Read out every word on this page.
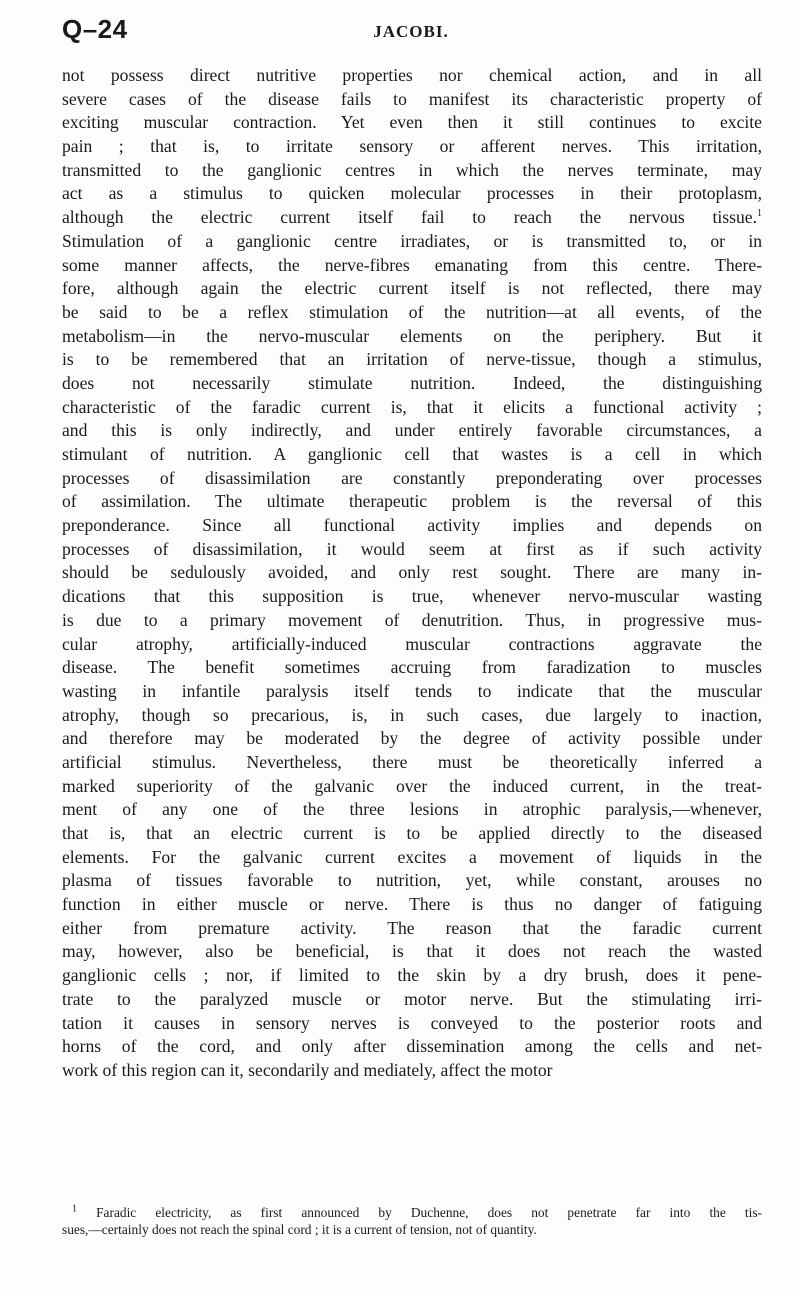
Q–24	JACOBI.
not possess direct nutritive properties nor chemical action, and in all
severe cases of the disease fails to manifest its characteristic property of
exciting muscular contraction. Yet even then it still continues to excite
pain ; that is, to irritate sensory or afferent nerves. This irritation,
transmitted to the ganglionic centres in which the nerves terminate, may
act as a stimulus to quicken molecular processes in their protoplasm,
although the electric current itself fail to reach the nervous tissue.$^1$
Stimulation of a ganglionic centre irradiates, or is transmitted to, or in
some manner affects, the nerve-fibres emanating from this centre. There-
fore, although again the electric current itself is not reflected, there may
be said to be a reflex stimulation of the nutrition—at all events, of the
metabolism—in the nervo-muscular elements on the periphery. But it
is to be remembered that an irritation of nerve-tissue, though a stimulus,
does not necessarily stimulate nutrition. Indeed, the distinguishing
characteristic of the faradic current is, that it elicits a functional activity ;
and this is only indirectly, and under entirely favorable circumstances, a
stimulant of nutrition. A ganglionic cell that wastes is a cell in which
processes of disassimilation are constantly preponderating over processes
of assimilation. The ultimate therapeutic problem is the reversal of this
preponderance. Since all functional activity implies and depends on
processes of disassimilation, it would seem at first as if such activity
should be sedulously avoided, and only rest sought. There are many in-
dications that this supposition is true, whenever nervo-muscular wasting
is due to a primary movement of denutrition. Thus, in progressive mus-
cular atrophy, artificially-induced muscular contractions aggravate the
disease. The benefit sometimes accruing from faradization to muscles
wasting in infantile paralysis itself tends to indicate that the muscular
atrophy, though so precarious, is, in such cases, due largely to inaction,
and therefore may be moderated by the degree of activity possible under
artificial stimulus. Nevertheless, there must be theoretically inferred a
marked superiority of the galvanic over the induced current, in the treat-
ment of any one of the three lesions in atrophic paralysis,—whenever,
that is, that an electric current is to be applied directly to the diseased
elements. For the galvanic current excites a movement of liquids in the
plasma of tissues favorable to nutrition, yet, while constant, arouses no
function in either muscle or nerve. There is thus no danger of fatiguing
either from premature activity. The reason that the faradic current
may, however, also be beneficial, is that it does not reach the wasted
ganglionic cells ; nor, if limited to the skin by a dry brush, does it pene-
trate to the paralyzed muscle or motor nerve. But the stimulating irri-
tation it causes in sensory nerves is conveyed to the posterior roots and
horns of the cord, and only after dissemination among the cells and net-
work of this region can it, secondarily and mediately, affect the motor
$^1$ Faradic electricity, as first announced by Duchenne, does not penetrate far into the tis-
sues,—certainly does not reach the spinal cord ; it is a current of tension, not of quantity.
